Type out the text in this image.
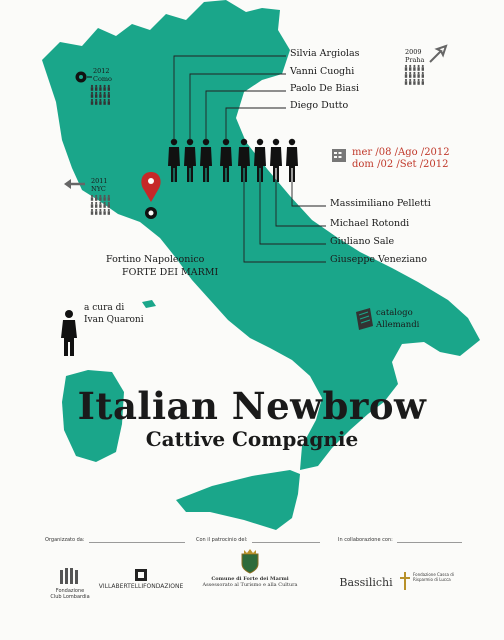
Silvia Argiolas
Vanni Cuoghi
Paolo De Biasi
Diego Dutto
Massimiliano Pelletti
Michael Rotondi
Giuliano Sale
Giuseppe Veneziano
mer /08 /Ago /2012
dom /02 /Set /2012
2012
Como
2009
Praha
2011
NYC
Fortino Napoleonico
FORTE DEI MARMI
a cura di
Ivan Quaroni
catalogo
Allemandi
Italian Newbrow
Cattive Compagnie
Organizzato da:	Con il patrocinio del:	In collaborazione con:
Fondazione Club Lombardia
VILLABERTELLIFONDAZIONE
Comune di Forte dei Marmi
Assessorato al Turismo e alla Cultura	Bassilichi
Fondazione Cassa di Risparmio di Lucca
